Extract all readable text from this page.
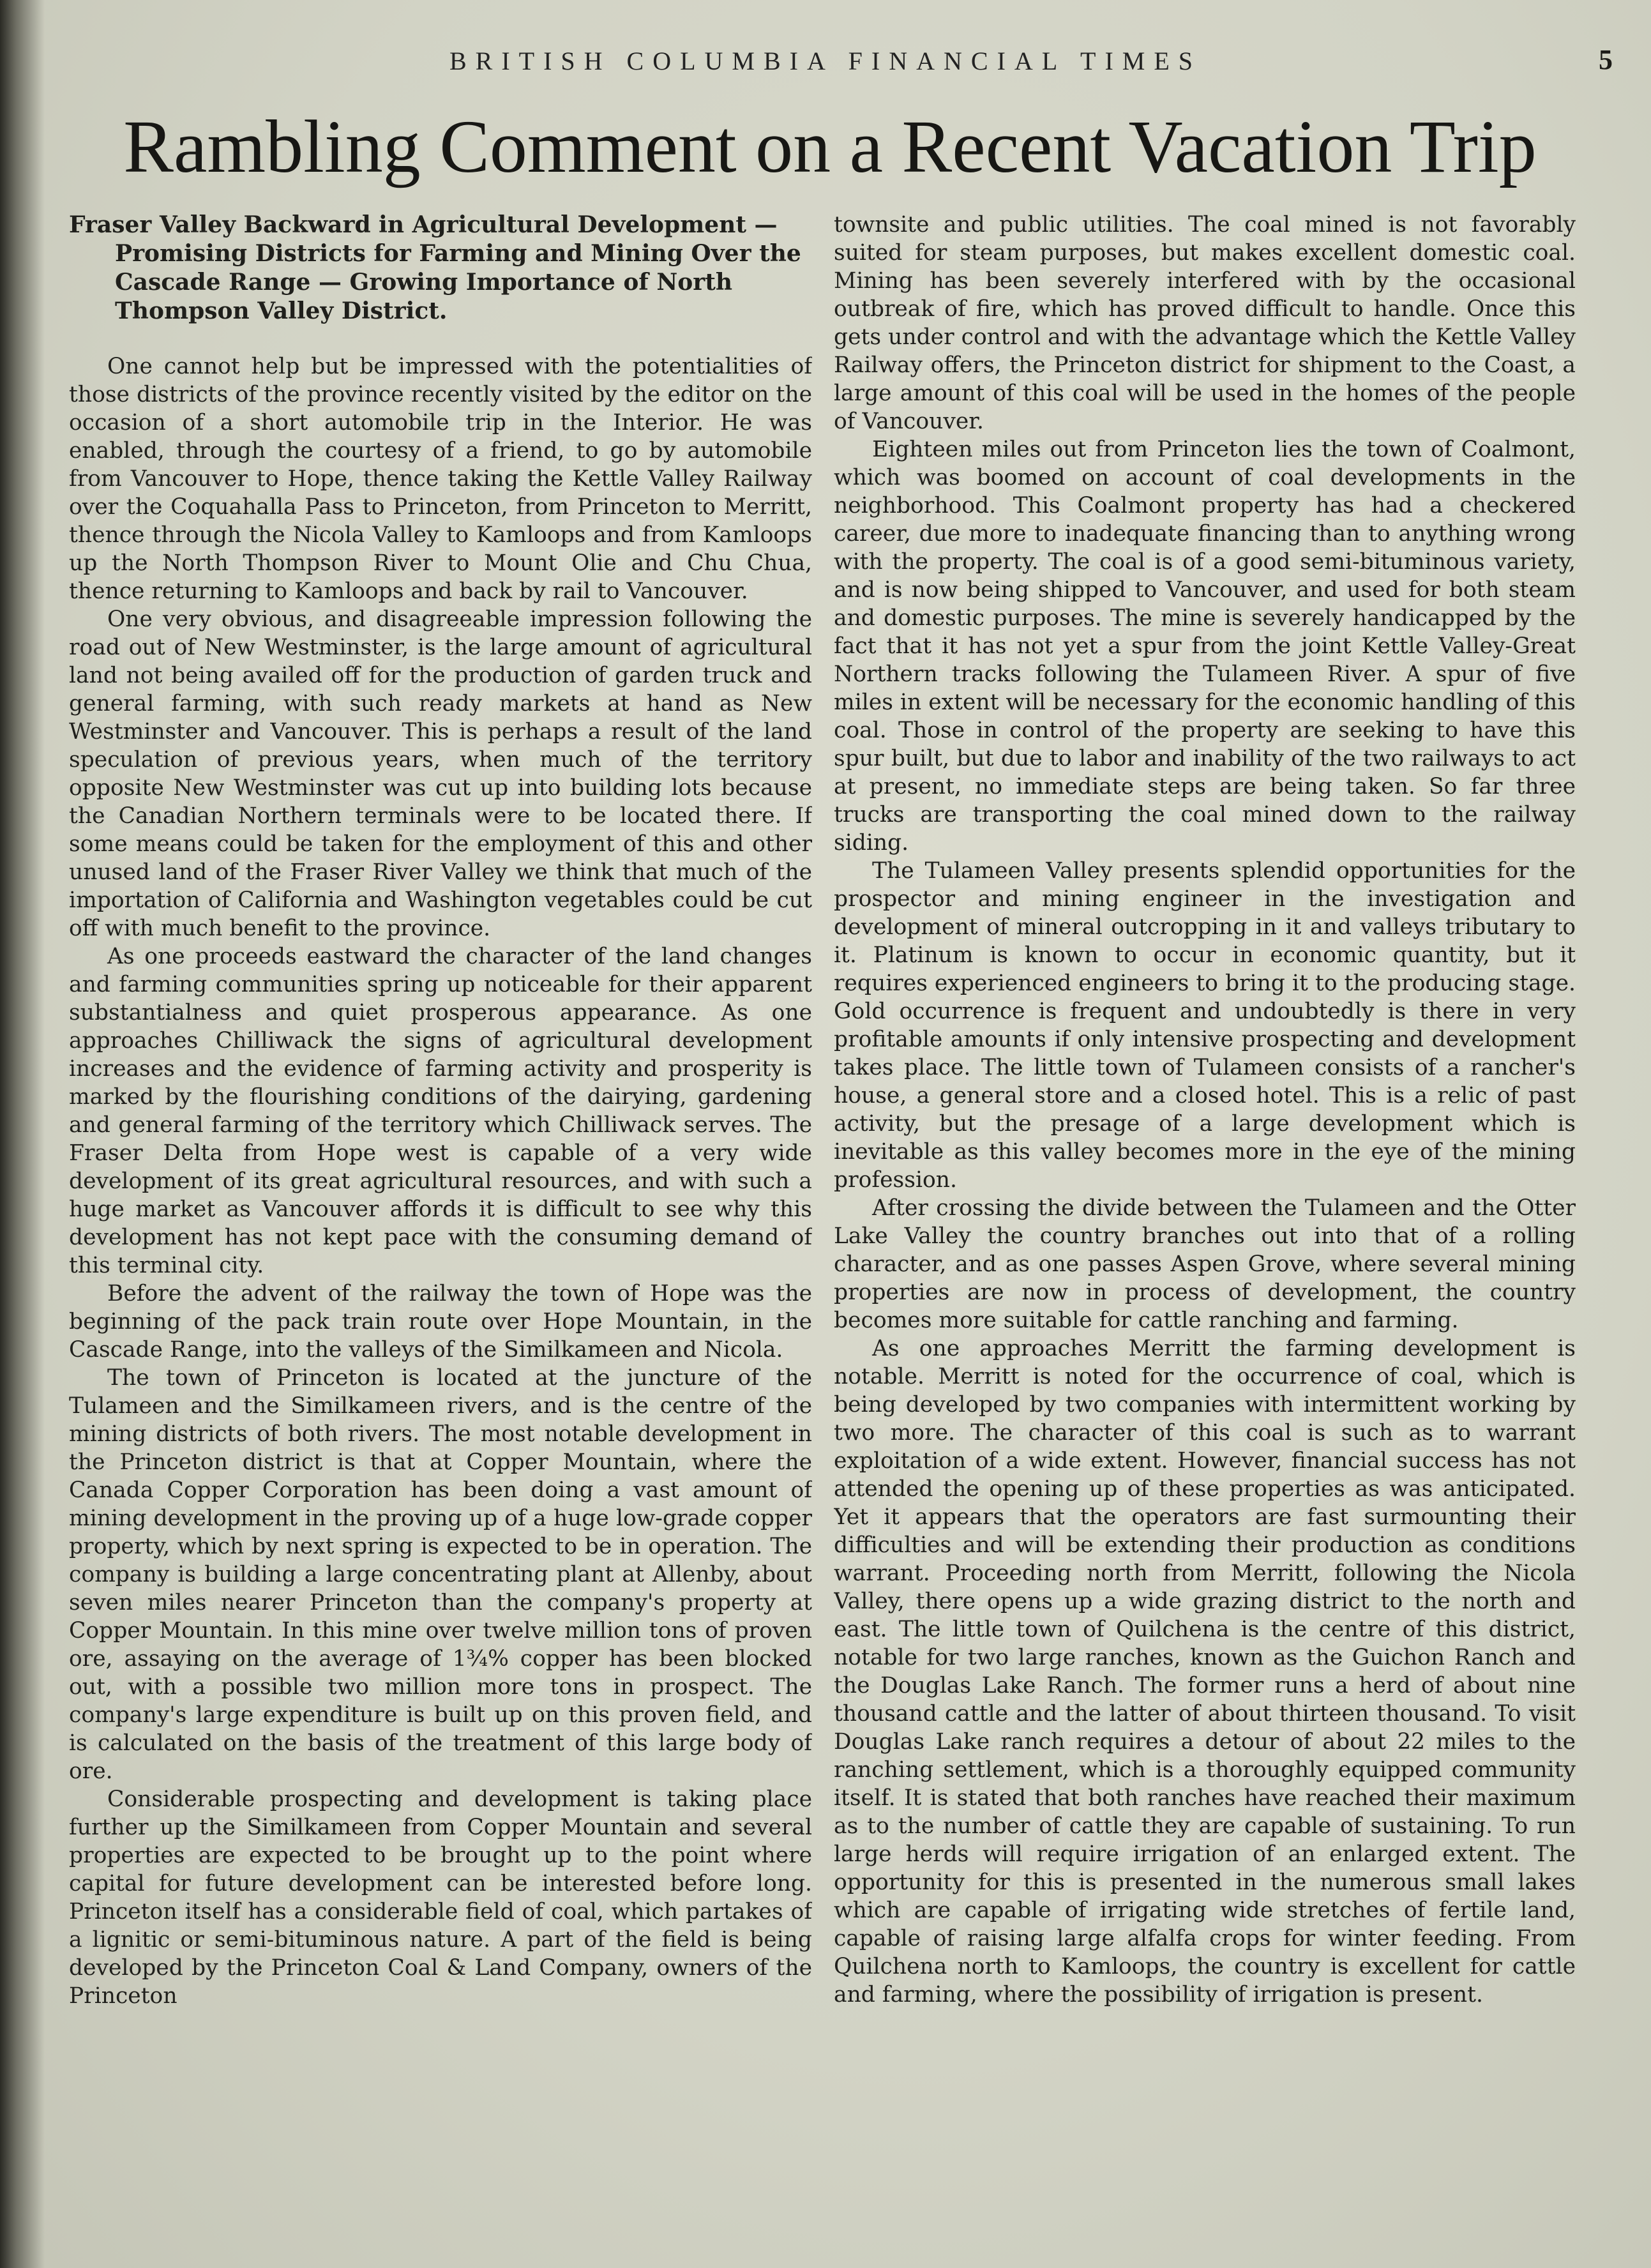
BRITISH COLUMBIA FINANCIAL TIMES	5
Rambling Comment on a Recent Vacation Trip

Fraser Valley Backward in Agricultural Development — Promising Districts for Farming and Mining Over the Cascade Range — Growing Importance of North Thompson Valley District.

One cannot help but be impressed with the potentialities of those districts of the province recently visited by the editor on the occasion of a short automobile trip in the Interior. He was enabled, through the courtesy of a friend, to go by automobile from Vancouver to Hope, thence taking the Kettle Valley Railway over the Coquahalla Pass to Princeton, from Princeton to Merritt, thence through the Nicola Valley to Kamloops and from Kamloops up the North Thompson River to Mount Olie and Chu Chua, thence returning to Kamloops and back by rail to Vancouver.

One very obvious, and disagreeable impression following the road out of New Westminster, is the large amount of agricultural land not being availed off for the production of garden truck and general farming, with such ready markets at hand as New Westminster and Vancouver. This is perhaps a result of the land speculation of previous years, when much of the territory opposite New Westminster was cut up into building lots because the Canadian Northern terminals were to be located there. If some means could be taken for the employment of this and other unused land of the Fraser River Valley we think that much of the importation of California and Washington vegetables could be cut off with much benefit to the province.

As one proceeds eastward the character of the land changes and farming communities spring up noticeable for their apparent substantialness and quiet prosperous appearance. As one approaches Chilliwack the signs of agricultural development increases and the evidence of farming activity and prosperity is marked by the flourishing conditions of the dairying, gardening and general farming of the territory which Chilliwack serves. The Fraser Delta from Hope west is capable of a very wide development of its great agricultural resources, and with such a huge market as Vancouver affords it is difficult to see why this development has not kept pace with the consuming demand of this terminal city.

Before the advent of the railway the town of Hope was the beginning of the pack train route over Hope Mountain, in the Cascade Range, into the valleys of the Similkameen and Nicola.

The town of Princeton is located at the juncture of the Tulameen and the Similkameen rivers, and is the centre of the mining districts of both rivers. The most notable development in the Princeton district is that at Copper Mountain, where the Canada Copper Corporation has been doing a vast amount of mining development in the proving up of a huge low-grade copper property, which by next spring is expected to be in operation. The company is building a large concentrating plant at Allenby, about seven miles nearer Princeton than the company's property at Copper Mountain. In this mine over twelve million tons of proven ore, assaying on the average of 1¾% copper has been blocked out, with a possible two million more tons in prospect. The company's large expenditure is built up on this proven field, and is calculated on the basis of the treatment of this large body of ore.

Considerable prospecting and development is taking place further up the Similkameen from Copper Mountain and several properties are expected to be brought up to the point where capital for future development can be interested before long. Princeton itself has a considerable field of coal, which partakes of a lignitic or semi-bituminous nature. A part of the field is being developed by the Princeton Coal & Land Company, owners of the Princeton

townsite and public utilities. The coal mined is not favorably suited for steam purposes, but makes excellent domestic coal. Mining has been severely interfered with by the occasional outbreak of fire, which has proved difficult to handle. Once this gets under control and with the advantage which the Kettle Valley Railway offers, the Princeton district for shipment to the Coast, a large amount of this coal will be used in the homes of the people of Vancouver.

Eighteen miles out from Princeton lies the town of Coalmont, which was boomed on account of coal developments in the neighborhood. This Coalmont property has had a checkered career, due more to inadequate financing than to anything wrong with the property. The coal is of a good semi-bituminous variety, and is now being shipped to Vancouver, and used for both steam and domestic purposes. The mine is severely handicapped by the fact that it has not yet a spur from the joint Kettle Valley-Great Northern tracks following the Tulameen River. A spur of five miles in extent will be necessary for the economic handling of this coal. Those in control of the property are seeking to have this spur built, but due to labor and inability of the two railways to act at present, no immediate steps are being taken. So far three trucks are transporting the coal mined down to the railway siding.

The Tulameen Valley presents splendid opportunities for the prospector and mining engineer in the investigation and development of mineral outcropping in it and valleys tributary to it. Platinum is known to occur in economic quantity, but it requires experienced engineers to bring it to the producing stage. Gold occurrence is frequent and undoubtedly is there in very profitable amounts if only intensive prospecting and development takes place. The little town of Tulameen consists of a rancher's house, a general store and a closed hotel. This is a relic of past activity, but the presage of a large development which is inevitable as this valley becomes more in the eye of the mining profession.

After crossing the divide between the Tulameen and the Otter Lake Valley the country branches out into that of a rolling character, and as one passes Aspen Grove, where several mining properties are now in process of development, the country becomes more suitable for cattle ranching and farming.

As one approaches Merritt the farming development is notable. Merritt is noted for the occurrence of coal, which is being developed by two companies with intermittent working by two more. The character of this coal is such as to warrant exploitation of a wide extent. However, financial success has not attended the opening up of these properties as was anticipated. Yet it appears that the operators are fast surmounting their difficulties and will be extending their production as conditions warrant. Proceeding north from Merritt, following the Nicola Valley, there opens up a wide grazing district to the north and east. The little town of Quilchena is the centre of this district, notable for two large ranches, known as the Guichon Ranch and the Douglas Lake Ranch. The former runs a herd of about nine thousand cattle and the latter of about thirteen thousand. To visit Douglas Lake ranch requires a detour of about 22 miles to the ranching settlement, which is a thoroughly equipped community itself. It is stated that both ranches have reached their maximum as to the number of cattle they are capable of sustaining. To run large herds will require irrigation of an enlarged extent. The opportunity for this is presented in the numerous small lakes which are capable of irrigating wide stretches of fertile land, capable of raising large alfalfa crops for winter feeding. From Quilchena north to Kamloops, the country is excellent for cattle and farming, where the possibility of irrigation is present.
